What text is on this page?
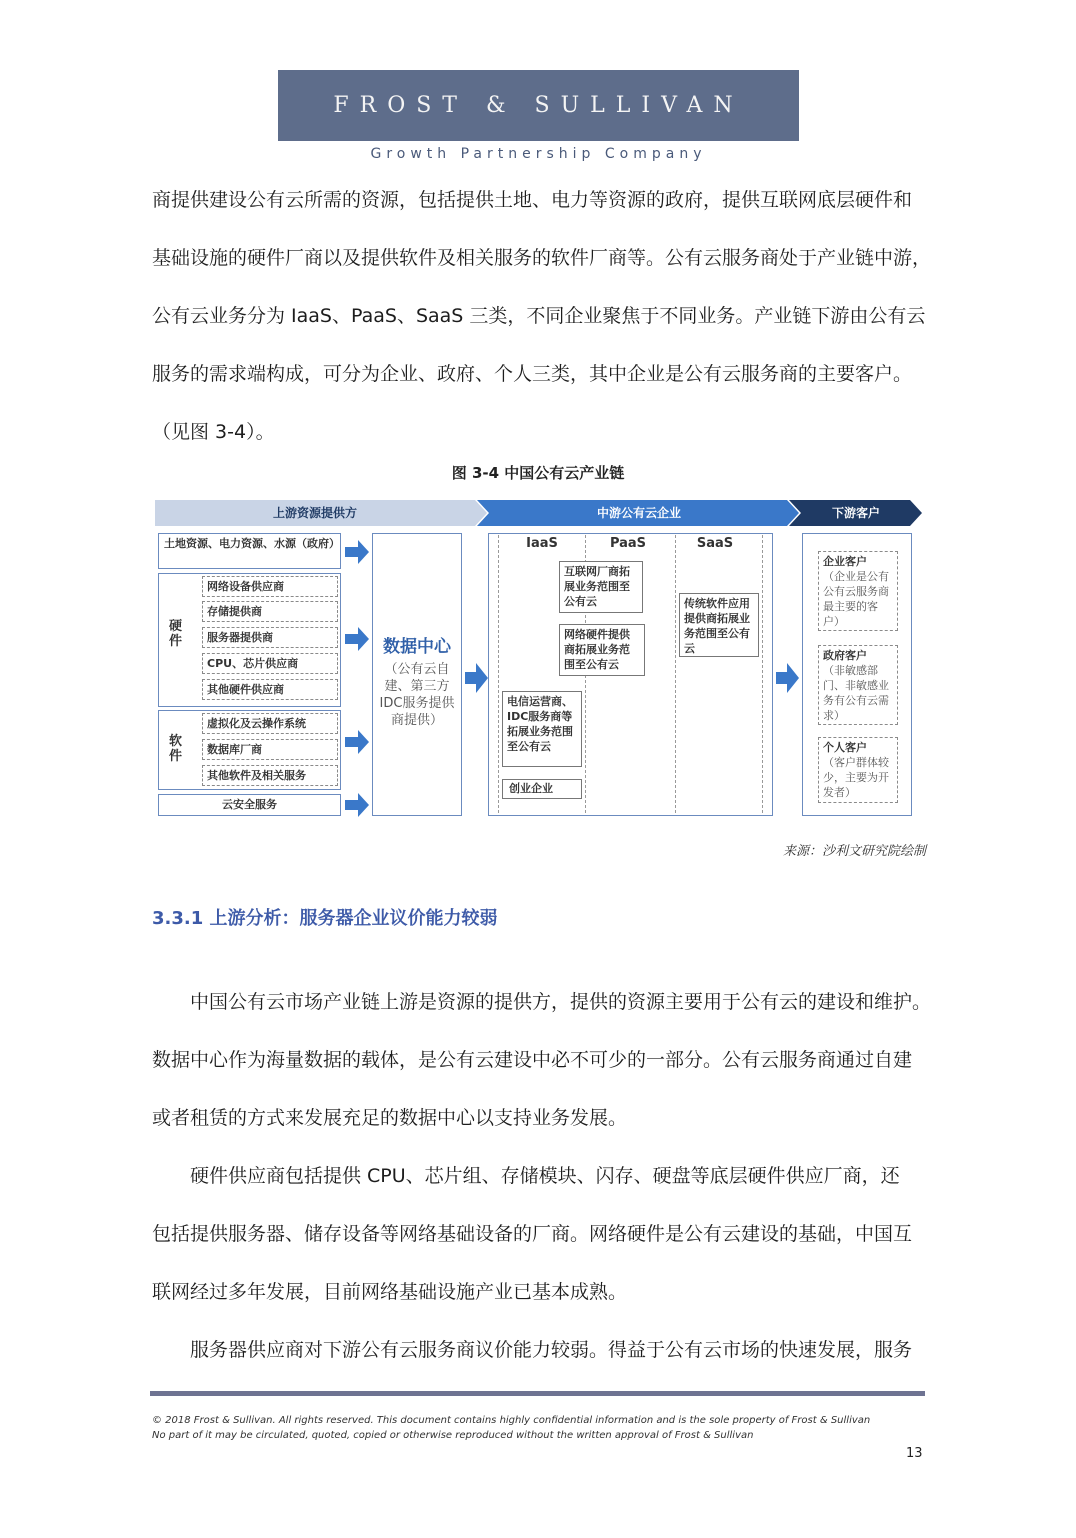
FROST & SULLIVAN
Growth Partnership Company
商提供建设公有云所需的资源，包括提供土地、电力等资源的政府，提供互联网底层硬件和
基础设施的硬件厂商以及提供软件及相关服务的软件厂商等。公有云服务商处于产业链中游，
公有云业务分为 IaaS、PaaS、SaaS 三类，不同企业聚焦于不同业务。产业链下游由公有云
服务的需求端构成，可分为企业、政府、个人三类，其中企业是公有云服务商的主要客户。
（见图 3-4）。
图 3-4 中国公有云产业链
上游资源提供方	中游公有云企业	下游客户
土地资源、电力资源、水源（政府）
硬件
网络设备供应商
存储提供商
服务器提供商
CPU、芯片供应商
其他硬件供应商
软件
虚拟化及云操作系统
数据库厂商
其他软件及相关服务
云安全服务
数据中心
（公有云自建、第三方IDC服务提供商提供）
IaaS	PaaS	SaaS
互联网厂商拓展业务范围至公有云
网络硬件提供商拓展业务范围至公有云
传统软件应用提供商拓展业务范围至公有云
电信运营商、IDC服务商等拓展业务范围至公有云
创业企业
企业客户
（企业是公有公有云服务商最主要的客户）
政府客户
（非敏感部门、非敏感业务有公有云需求）
个人客户
（客户群体较少，主要为开发者）
来源：沙利文研究院绘制
3.3.1 上游分析：服务器企业议价能力较弱
　　中国公有云市场产业链上游是资源的提供方，提供的资源主要用于公有云的建设和维护。
数据中心作为海量数据的载体，是公有云建设中必不可少的一部分。公有云服务商通过自建
或者租赁的方式来发展充足的数据中心以支持业务发展。
　　硬件供应商包括提供 CPU、芯片组、存储模块、闪存、硬盘等底层硬件供应厂商，还
包括提供服务器、储存设备等网络基础设备的厂商。网络硬件是公有云建设的基础，中国互
联网经过多年发展，目前网络基础设施产业已基本成熟。
　　服务器供应商对下游公有云服务商议价能力较弱。得益于公有云市场的快速发展，服务
© 2018 Frost & Sullivan. All rights reserved. This document contains highly confidential information and is the sole property of Frost & Sullivan
No part of it may be circulated, quoted, copied or otherwise reproduced without the written approval of Frost & Sullivan
13
